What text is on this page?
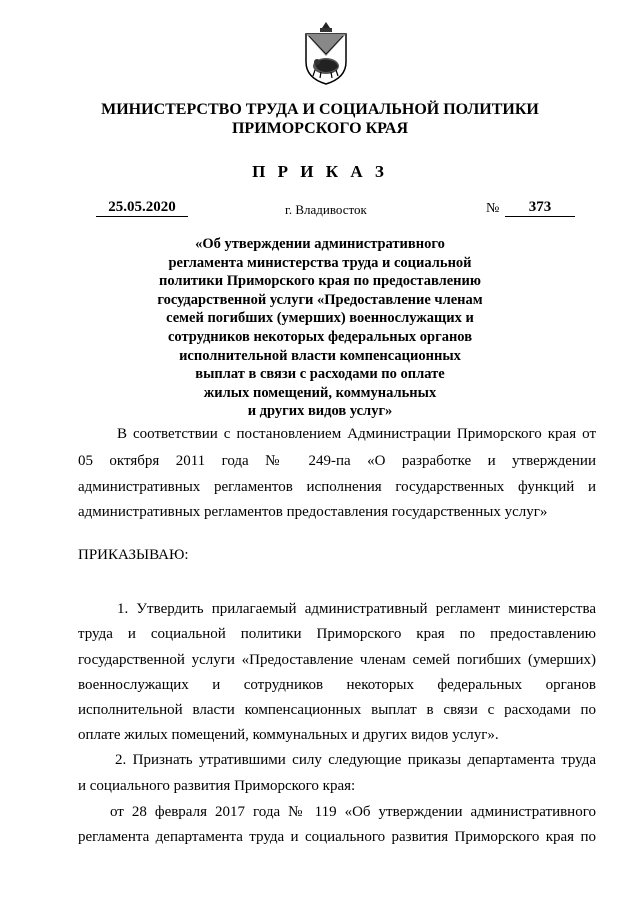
МИНИСТЕРСТВО ТРУДА И СОЦИАЛЬНОЙ ПОЛИТИКИ
ПРИМОРСКОГО КРАЯ
П Р И К А З
25.05.2020	г. Владивосток	№	373
«Об утверждении административного
регламента министерства труда и социальной
политики Приморского края по предоставлению
государственной услуги «Предоставление членам
семей погибших (умерших) военнослужащих и
сотрудников некоторых федеральных органов
исполнительной власти компенсационных
выплат в связи с расходами по оплате
жилых помещений, коммунальных
и других видов услуг»
В соответствии с постановлением Администрации Приморского края от
05 октября 2011 года № 249-па «О разработке и утверждении
административных регламентов исполнения государственных функций и
административных регламентов предоставления государственных услуг»
ПРИКАЗЫВАЮ:
1. Утвердить прилагаемый административный регламент министерства
труда и социальной политики Приморского края по предоставлению
государственной услуги «Предоставление членам семей погибших (умерших)
военнослужащих и сотрудников некоторых федеральных органов
исполнительной власти компенсационных выплат в связи с расходами по
оплате жилых помещений, коммунальных и других видов услуг».
2. Признать утратившими силу следующие приказы департамента труда
и социального развития Приморского края:
от 28 февраля 2017 года № 119 «Об утверждении административного
регламента департамента труда и социального развития Приморского края по
